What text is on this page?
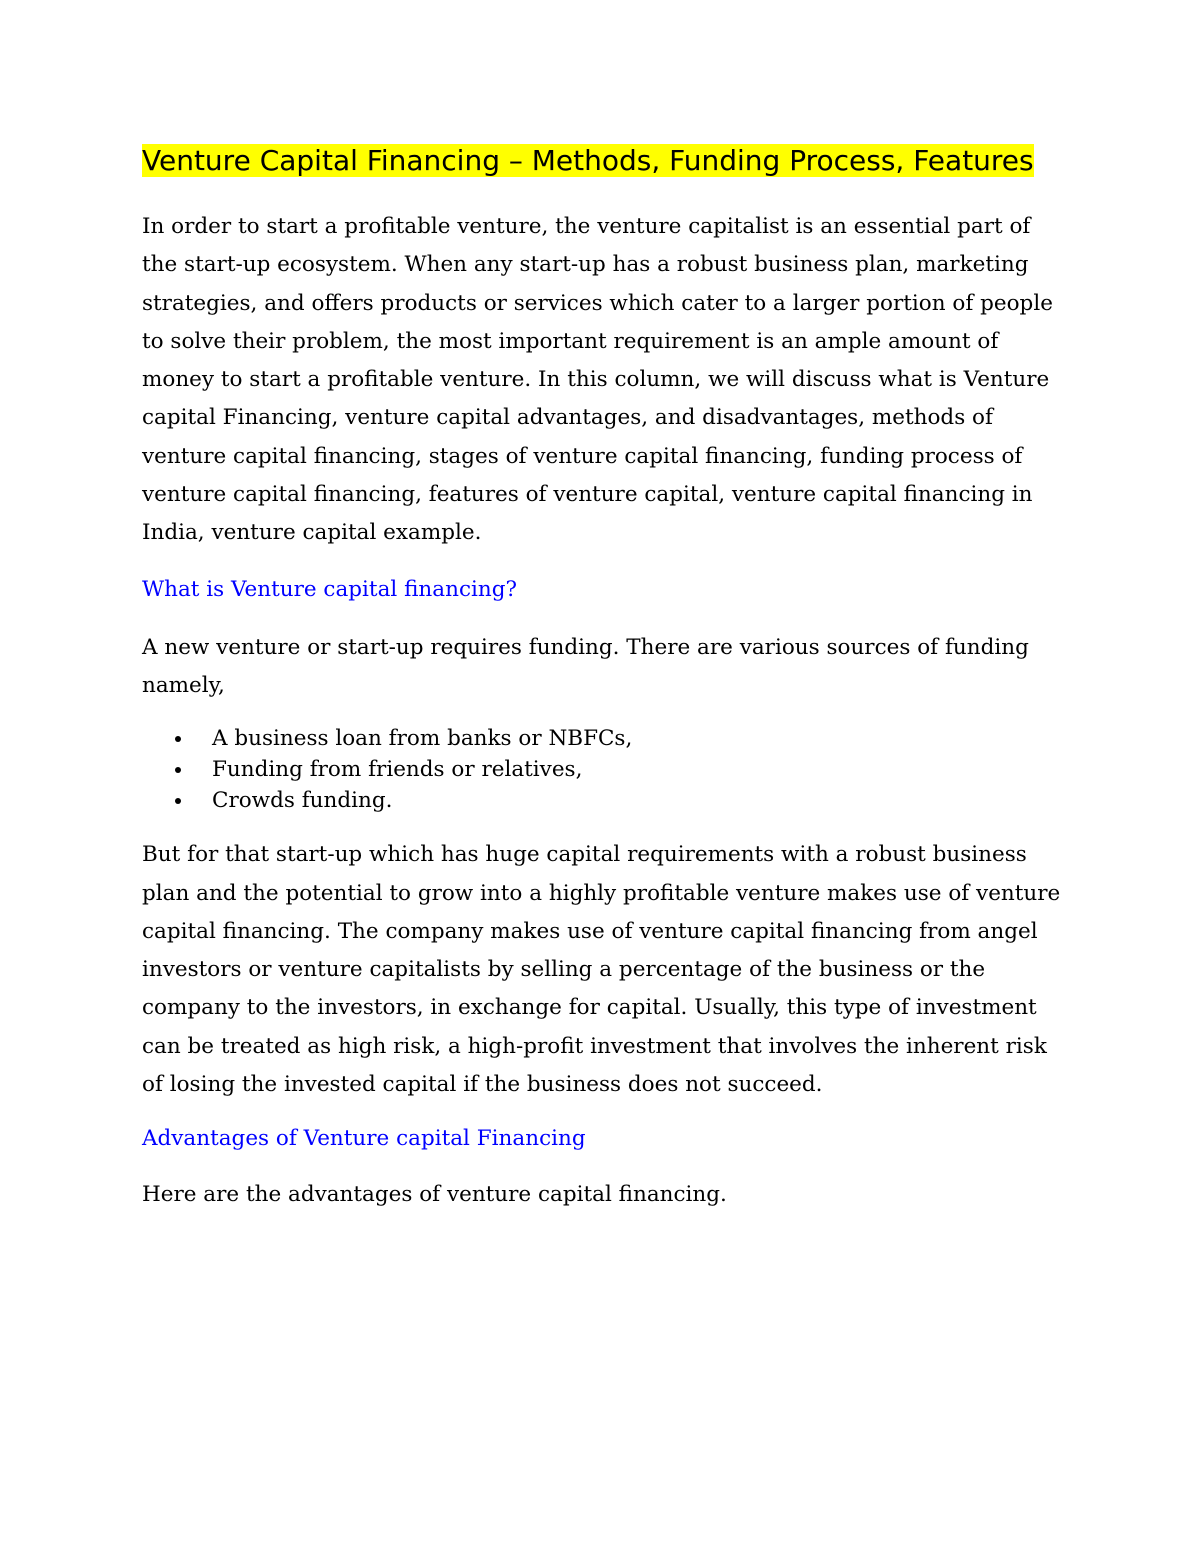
Venture Capital Financing – Methods, Funding Process, Features

In order to start a profitable venture, the venture capitalist is an essential part of the start-up ecosystem. When any start-up has a robust business plan, marketing strategies, and offers products or services which cater to a larger portion of people to solve their problem, the most important requirement is an ample amount of money to start a profitable venture. In this column, we will discuss what is Venture capital Financing, venture capital advantages, and disadvantages, methods of venture capital financing, stages of venture capital financing, funding process of venture capital financing, features of venture capital, venture capital financing in India, venture capital example.

What is Venture capital financing?

A new venture or start-up requires funding. There are various sources of funding namely,

A business loan from banks or NBFCs,
Funding from friends or relatives,
Crowds funding.

But for that start-up which has huge capital requirements with a robust business plan and the potential to grow into a highly profitable venture makes use of venture capital financing. The company makes use of venture capital financing from angel investors or venture capitalists by selling a percentage of the business or the company to the investors, in exchange for capital. Usually, this type of investment can be treated as high risk, a high-profit investment that involves the inherent risk of losing the invested capital if the business does not succeed.

Advantages of Venture capital Financing

Here are the advantages of venture capital financing.
